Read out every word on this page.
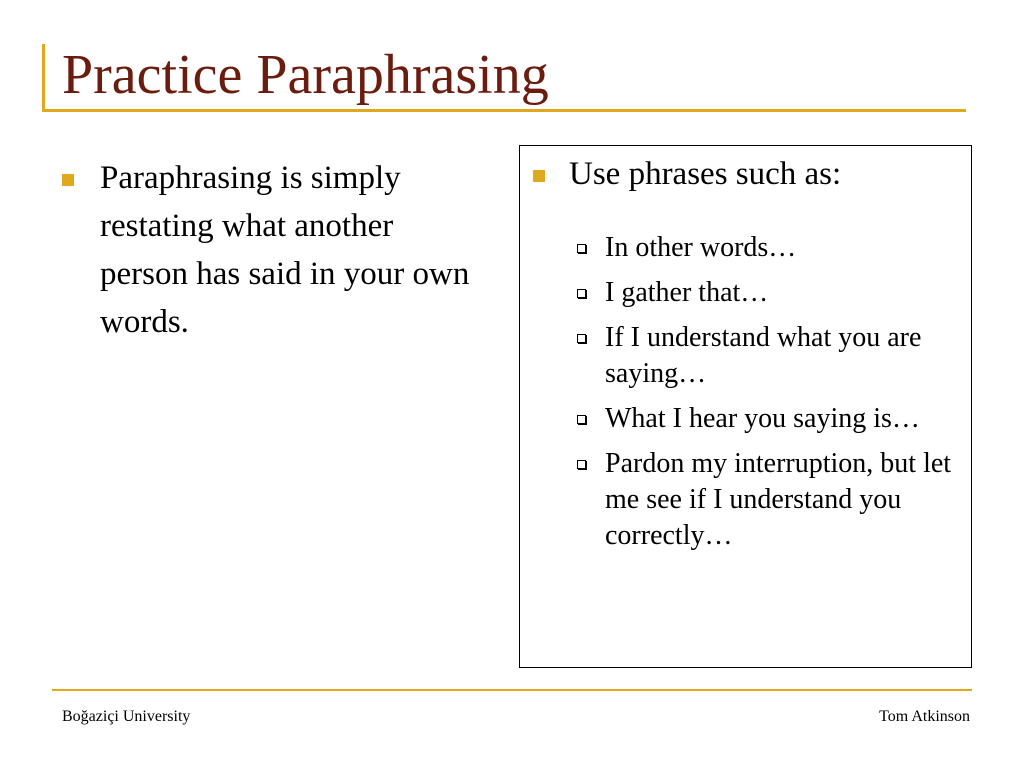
Practice Paraphrasing
Paraphrasing is simply restating what another person has said in your own words.
Use phrases such as:
In other words…
I gather that…
If I understand what you are saying…
What I hear you saying is…
Pardon my interruption, but let me see if I understand you correctly…
Boğaziçi University	Tom Atkinson
